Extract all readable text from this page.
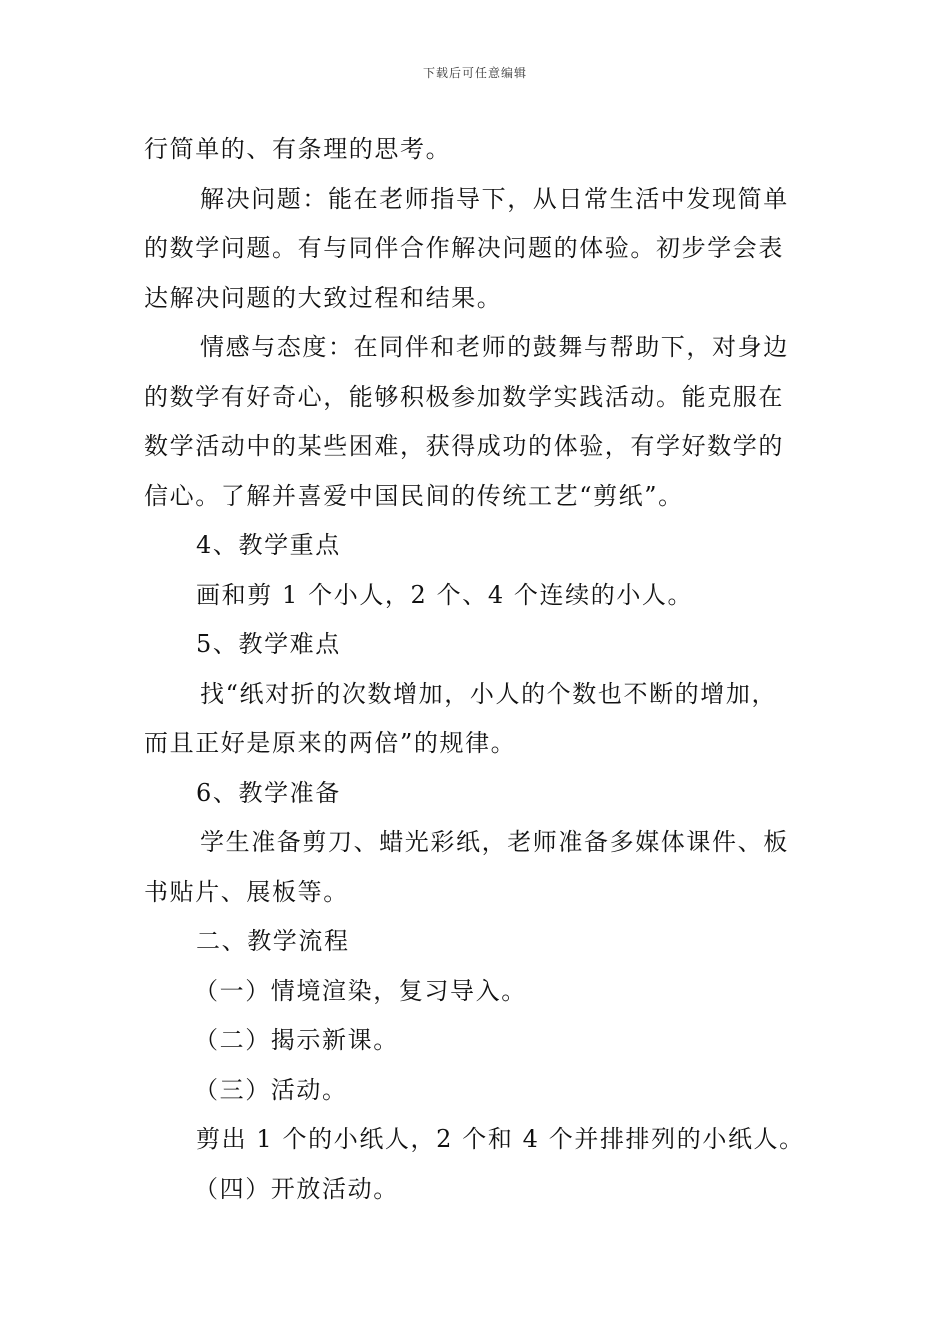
下载后可任意编辑
行简单的、有条理的思考。
解决问题：能在老师指导下，从日常生活中发现简单
的数学问题。有与同伴合作解决问题的体验。初步学会表
达解决问题的大致过程和结果。
情感与态度：在同伴和老师的鼓舞与帮助下，对身边
的数学有好奇心，能够积极参加数学实践活动。能克服在
数学活动中的某些困难，获得成功的体验，有学好数学的
信心。了解并喜爱中国民间的传统工艺“剪纸”。
4、教学重点
画和剪 1 个小人，2 个、4 个连续的小人。
5、教学难点
找“纸对折的次数增加，小人的个数也不断的增加，
而且正好是原来的两倍”的规律。
6、教学准备
学生准备剪刀、蜡光彩纸，老师准备多媒体课件、板
书贴片、展板等。
二、教学流程
（一）情境渲染，复习导入。
（二）揭示新课。
（三）活动。
剪出 1 个的小纸人，2 个和 4 个并排排列的小纸人。
（四）开放活动。
